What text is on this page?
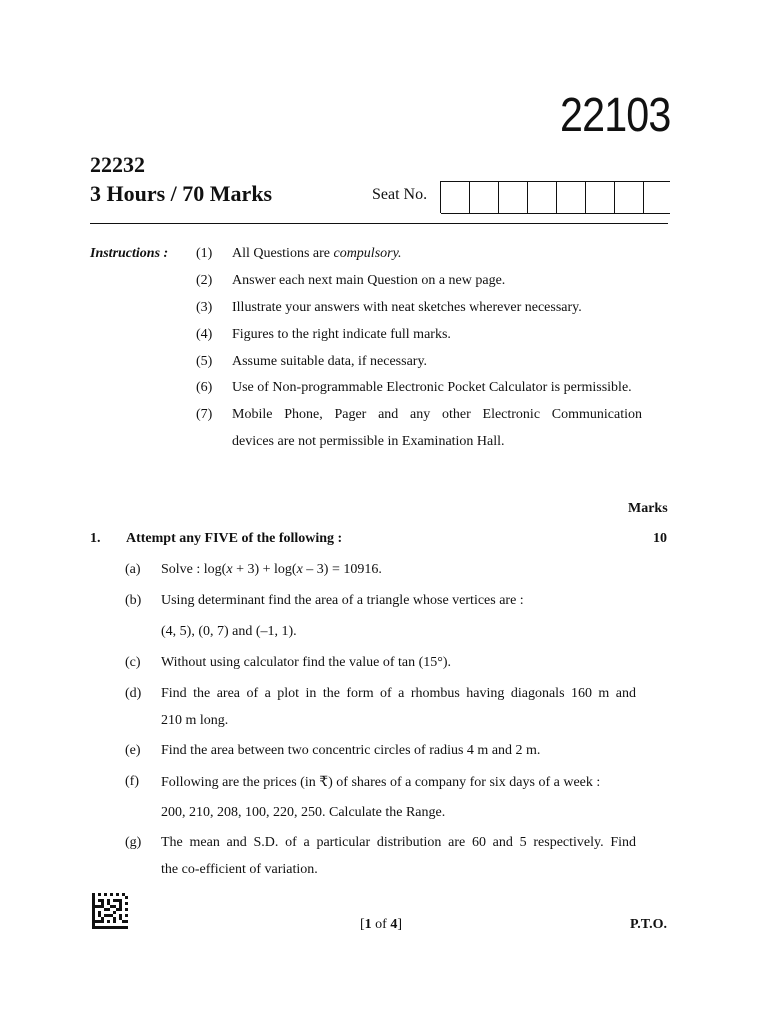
22103
22232
3 Hours / 70 Marks	Seat No.
Instructions : (1) All Questions are compulsory.
(2) Answer each next main Question on a new page.
(3) Illustrate your answers with neat sketches wherever necessary.
(4) Figures to the right indicate full marks.
(5) Assume suitable data, if necessary.
(6) Use of Non-programmable Electronic Pocket Calculator is permissible.
(7) Mobile Phone, Pager and any other Electronic Communication
devices are not permissible in Examination Hall.
Marks
1. Attempt any FIVE of the following :	10
(a) Solve : log(x + 3) + log(x – 3) = 10916.
(b) Using determinant find the area of a triangle whose vertices are :
(4, 5), (0, 7) and (–1, 1).
(c) Without using calculator find the value of tan (15°).
(d) Find the area of a plot in the form of a rhombus having diagonals 160 m and
210 m long.
(e) Find the area between two concentric circles of radius 4 m and 2 m.
(f) Following are the prices (in ₹) of shares of a company for six days of a week :
200, 210, 208, 100, 220, 250. Calculate the Range.
(g) The mean and S.D. of a particular distribution are 60 and 5 respectively. Find
the co-efficient of variation.
[1 of 4]	P.T.O.
